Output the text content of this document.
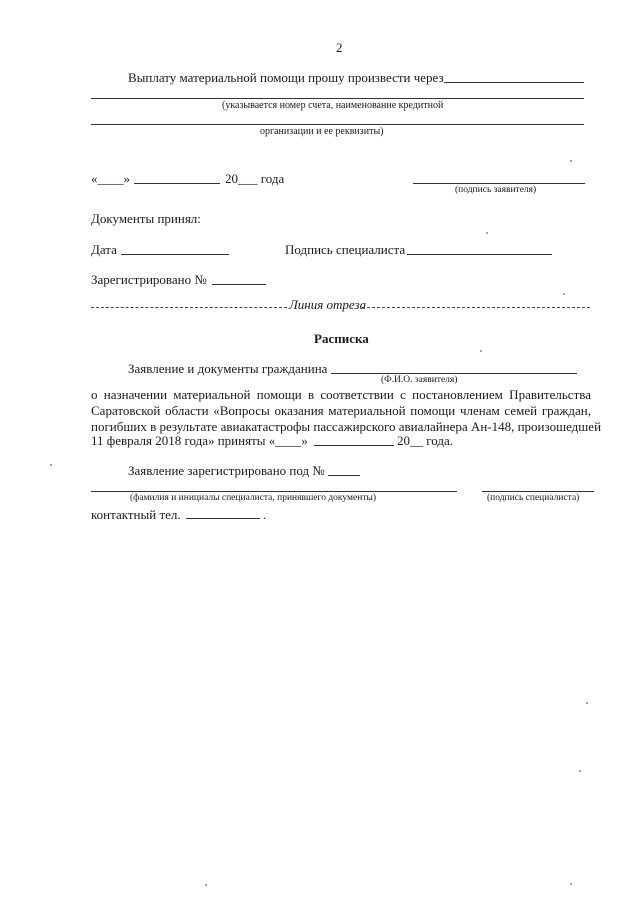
2
Выплату материальной помощи прошу произвести через
(указывается номер счета, наименование кредитной
организации и ее реквизиты)
«____»	20___ года
(подпись заявителя)
Документы принял:
Дата	Подпись специалиста
Зарегистрировано №
Линия отреза
Расписка
Заявление и документы гражданина
(Ф.И.О. заявителя)
о назначении материальной помощи в соответствии с постановлением Правительства
Саратовской области «Вопросы оказания материальной помощи членам семей граждан,
погибших в результате авиакатастрофы пассажирского авиалайнера Ан-148, произошедшей
11 февраля 2018 года» приняты «____»	20__ года.
Заявление зарегистрировано под №
(фамилия и инициалы специалиста, принявшего документы)	(подпись специалиста)
контактный тел.	.
